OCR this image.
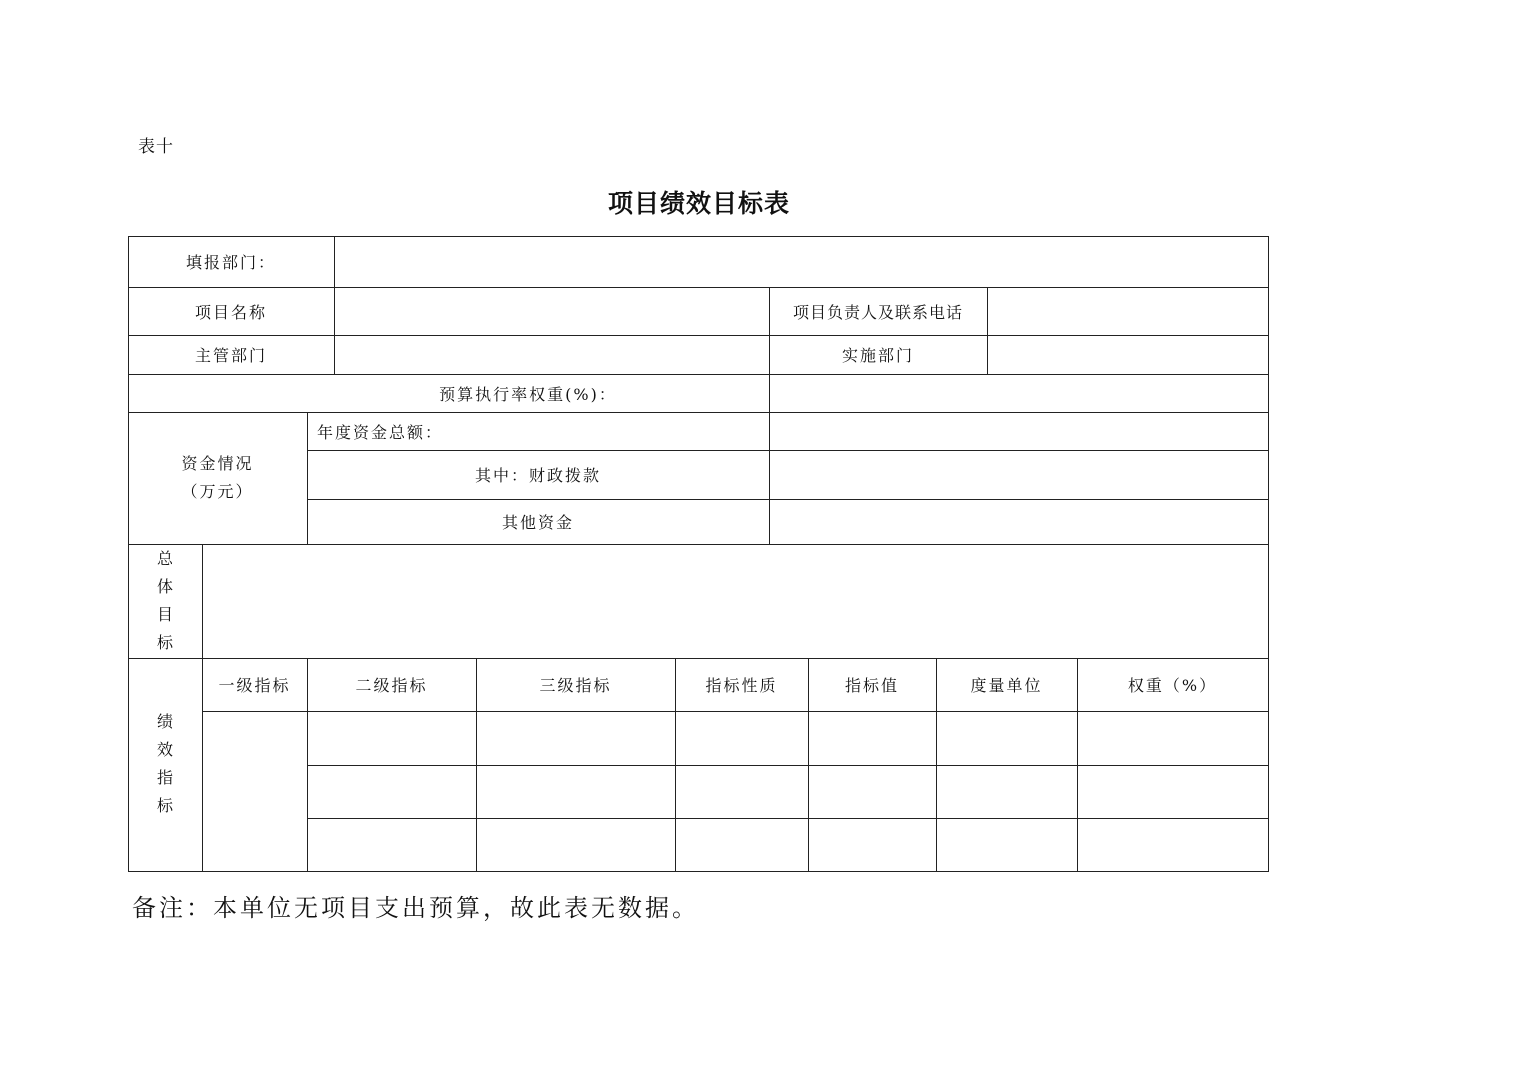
表十
项目绩效目标表
填报部门：
项目名称	项目负责人及联系电话
主管部门	实施部门
预算执行率权重(%)：
资金情况
（万元）
年度资金总额：
其中：财政拨款
其他资金
总
体
目
标
绩
效
指
标
一级指标	二级指标	三级指标	指标性质	指标值	度量单位	权重（%）
备注：本单位无项目支出预算，故此表无数据。
